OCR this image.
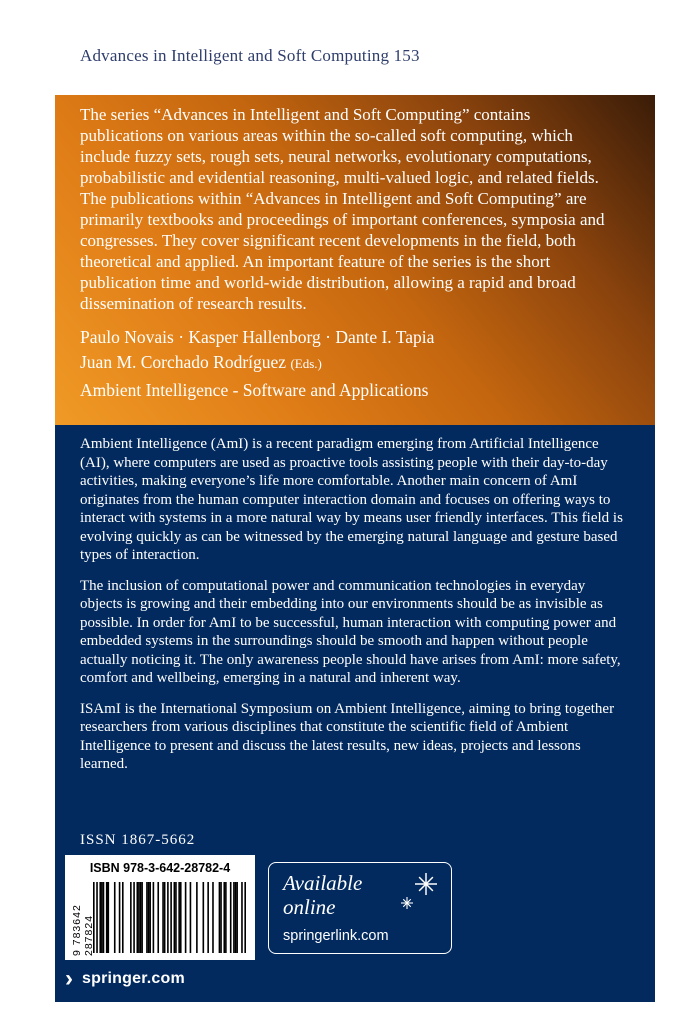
Advances in Intelligent and Soft Computing 153

The series “Advances in Intelligent and Soft Computing” contains publications on various areas within the so-called soft computing, which include fuzzy sets, rough sets, neural networks, evolutionary computations, probabilistic and evidential reasoning, multi-valued logic, and related fields. The publications within “Advances in Intelligent and Soft Computing” are primarily textbooks and proceedings of important conferences, symposia and congresses. They cover significant recent developments in the field, both theoretical and applied. An important feature of the series is the short publication time and world-wide distribution, allowing a rapid and broad dissemination of research results.

Paulo Novais · Kasper Hallenborg · Dante I. Tapia
Juan M. Corchado Rodríguez (Eds.)
Ambient Intelligence - Software and Applications

Ambient Intelligence (AmI) is a recent paradigm emerging from Artificial Intelligence (AI), where computers are used as proactive tools assisting people with their day-to-day activities, making everyone’s life more comfortable. Another main concern of AmI originates from the human computer interaction domain and focuses on offering ways to interact with systems in a more natural way by means user friendly interfaces. This field is evolving quickly as can be witnessed by the emerging natural language and gesture based types of interaction.

The inclusion of computational power and communication technologies in everyday objects is growing and their embedding into our environments should be as invisible as possible. In order for AmI to be successful, human interaction with computing power and embedded systems in the surroundings should be smooth and happen without people actually noticing it. The only awareness people should have arises from AmI: more safety, comfort and wellbeing, emerging in a natural and inherent way.

ISAmI is the International Symposium on Ambient Intelligence, aiming to bring together researchers from various disciplines that constitute the scientific field of Ambient Intelligence to present and discuss the latest results, new ideas, projects and lessons learned.

ISSN 1867-5662
ISBN 978-3-642-28782-4
9 783642 287824
Available
online
springerlink.com
› springer.com
